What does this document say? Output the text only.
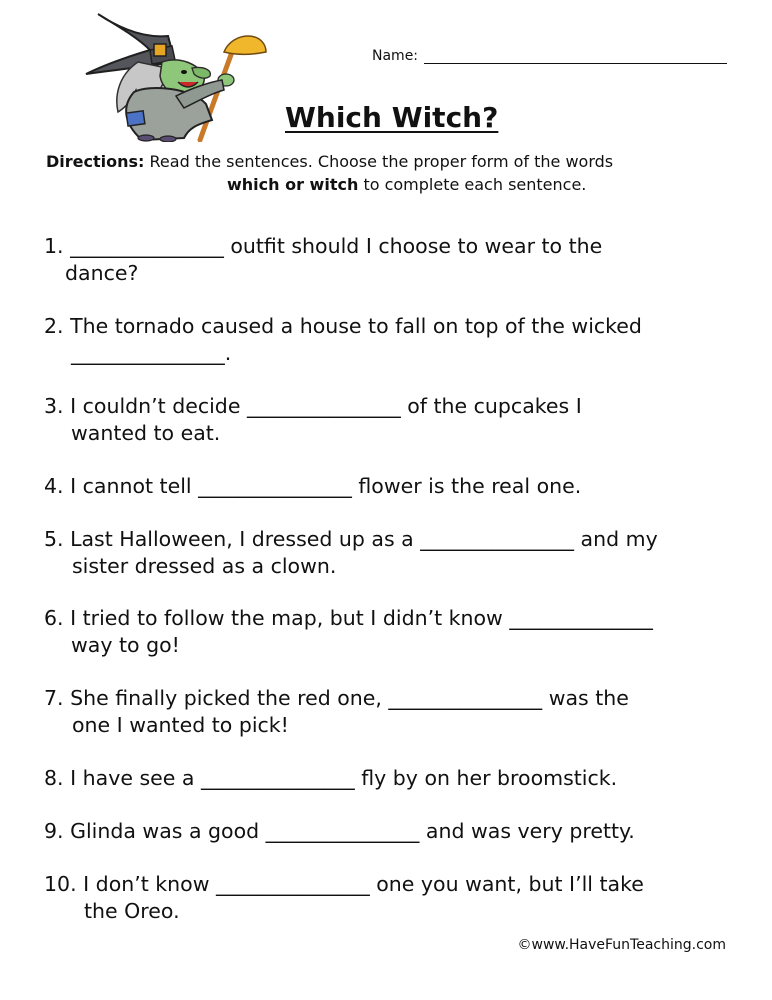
Name:
Which Witch?
Directions: Read the sentences. Choose the proper form of the words
which or witch to complete each sentence.
1. _______________ outfit should I choose to wear to the
dance?
2. The tornado caused a house to fall on top of the wicked
_______________.
3. I couldn’t decide _______________ of the cupcakes I
wanted to eat.
4. I cannot tell _______________ flower is the real one.
5. Last Halloween, I dressed up as a _______________ and my
sister dressed as a clown.
6. I tried to follow the map, but I didn’t know ______________
way to go!
7. She finally picked the red one, _______________ was the
one I wanted to pick!
8. I have see a _______________ fly by on her broomstick.
9. Glinda was a good _______________ and was very pretty.
10. I don’t know _______________ one you want, but I’ll take
the Oreo.
©www.HaveFunTeaching.com
